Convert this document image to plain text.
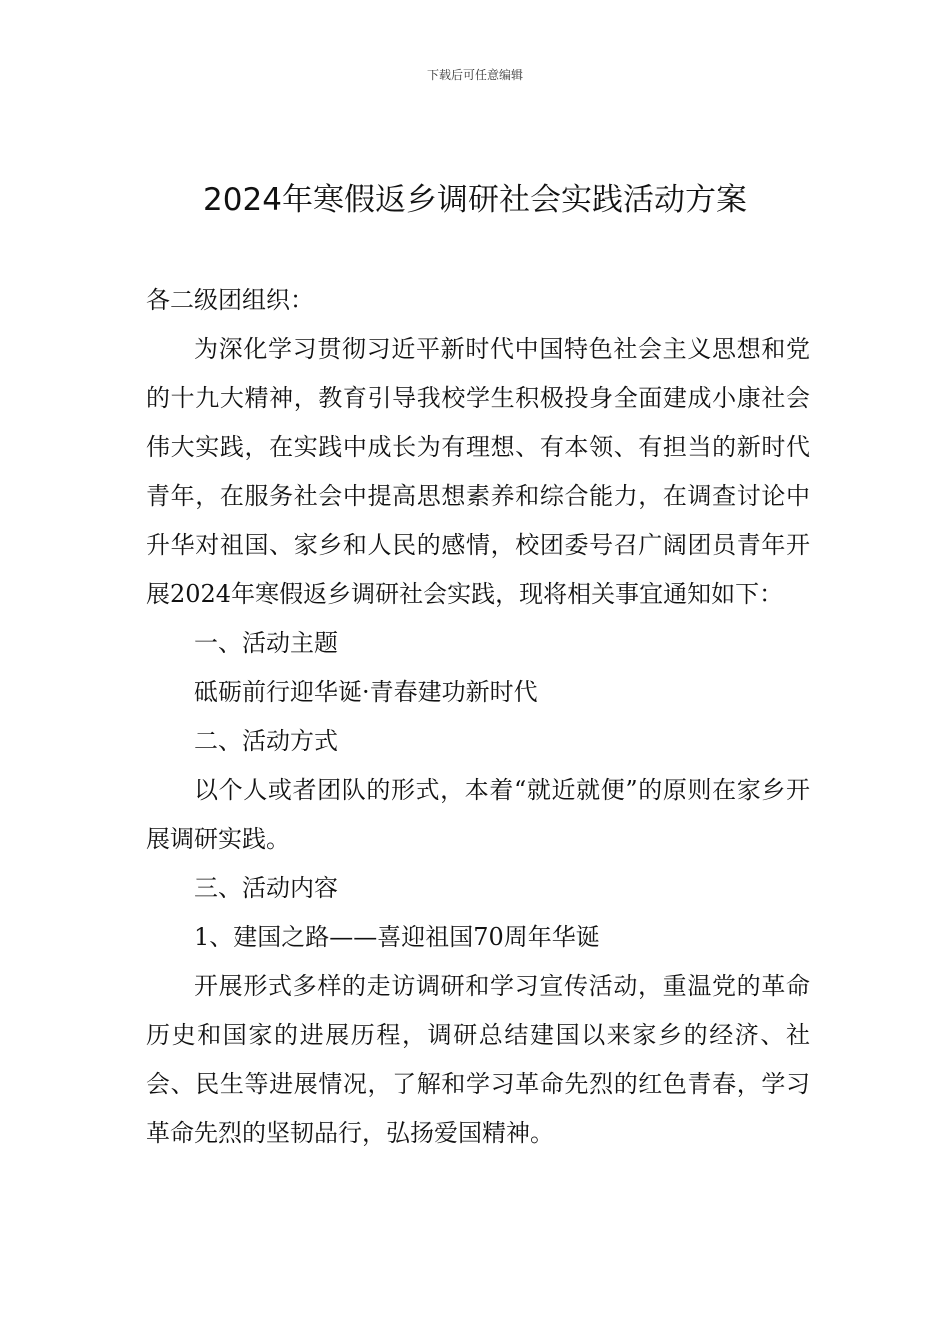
下载后可任意编辑
2024年寒假返乡调研社会实践活动方案

各二级团组织：

为深化学习贯彻习近平新时代中国特色社会主义思想和党的十九大精神，教育引导我校学生积极投身全面建成小康社会伟大实践，在实践中成长为有理想、有本领、有担当的新时代青年，在服务社会中提高思想素养和综合能力，在调查讨论中升华对祖国、家乡和人民的感情，校团委号召广阔团员青年开展2024年寒假返乡调研社会实践，现将相关事宜通知如下：

一、活动主题

砥砺前行迎华诞·青春建功新时代

二、活动方式

以个人或者团队的形式，本着“就近就便”的原则在家乡开展调研实践。

三、活动内容

1、建国之路——喜迎祖国70周年华诞

开展形式多样的走访调研和学习宣传活动，重温党的革命历史和国家的进展历程，调研总结建国以来家乡的经济、社会、民生等进展情况，了解和学习革命先烈的红色青春，学习革命先烈的坚韧品行，弘扬爱国精神。
